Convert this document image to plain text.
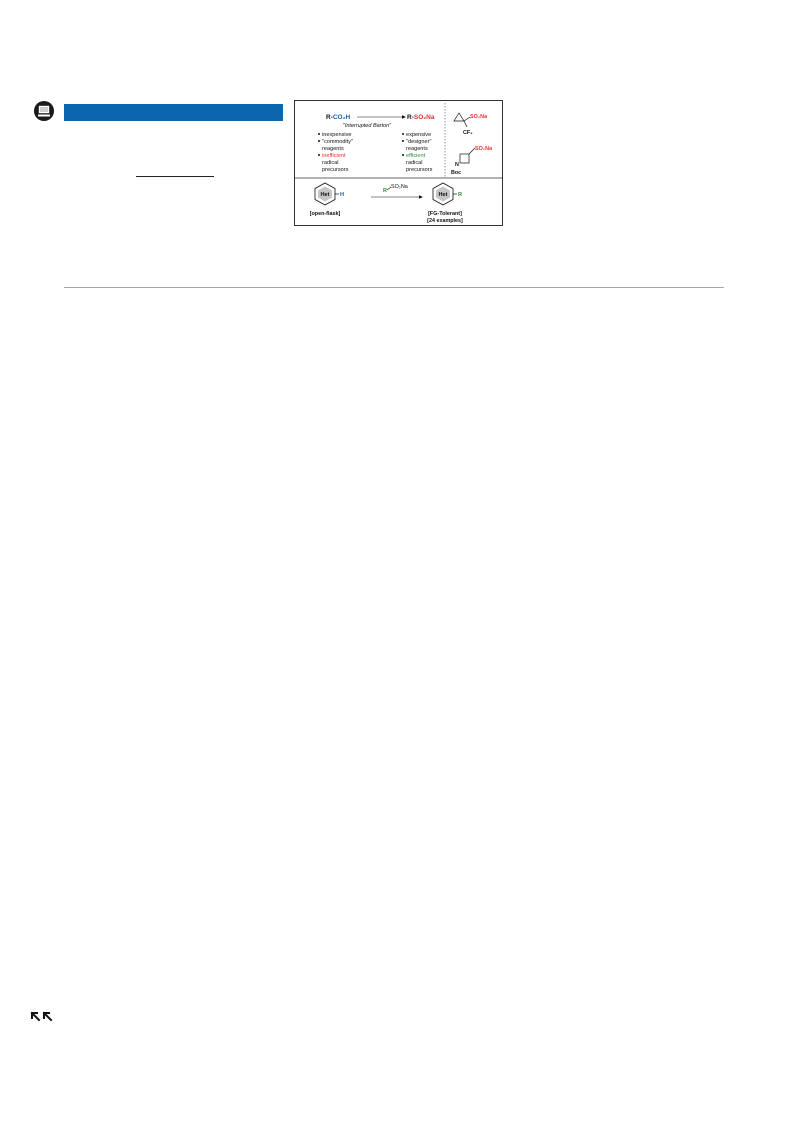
R-CO₂H	R-SO₂Na
"Interrupted Barton"
inexpensive
"commodity"
reagents
inefficient
radical
precursors
expensive
"designer"
reagents
efficient
radical
precursors
SO₂Na
CF₃
SO₂Na
N
Boc
Het H
[open-flask]
R
SO₂Na
Het R
[FG-Tolerant]
[24 examples]
